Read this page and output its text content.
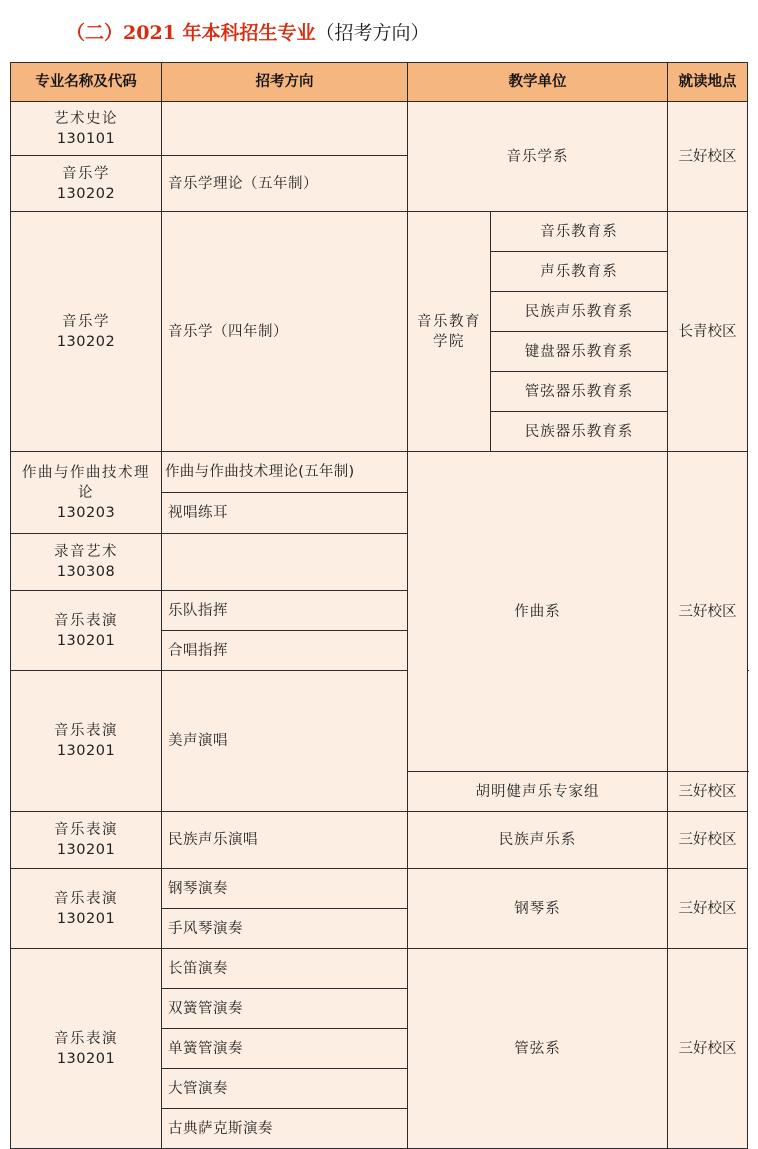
（二）2021 年本科招生专业（招考方向）
专业名称及代码	招考方向	教学单位		就读地点	
艺术史论
130101		音乐学系		三好校区	
音乐学
130202	音乐学理论（五年制）				
音乐学
130202	音乐学（四年制）	音乐教育学院	音乐教育系	长青校区	
			声乐教育系		
			民族声乐教育系		
			键盘器乐教育系		
			管弦器乐教育系		
			民族器乐教育系		
作曲与作曲技术理论
130203	作曲与作曲技术理论(五年制)	作曲系		三好校区	
	视唱练耳				
录音艺术
130308					
音乐表演
130201	乐队指挥				
	合唱指挥				
音乐表演
130201	美声演唱		
		胡明健声乐专家组		三好校区	
音乐表演
130201	民族声乐演唱	民族声乐系		三好校区	
音乐表演
130201	钢琴演奏	钢琴系		三好校区	
	手风琴演奏				
音乐表演
130201	长笛演奏	管弦系		三好校区	
	双簧管演奏				
	单簧管演奏				
	大管演奏				
	古典萨克斯演奏				
